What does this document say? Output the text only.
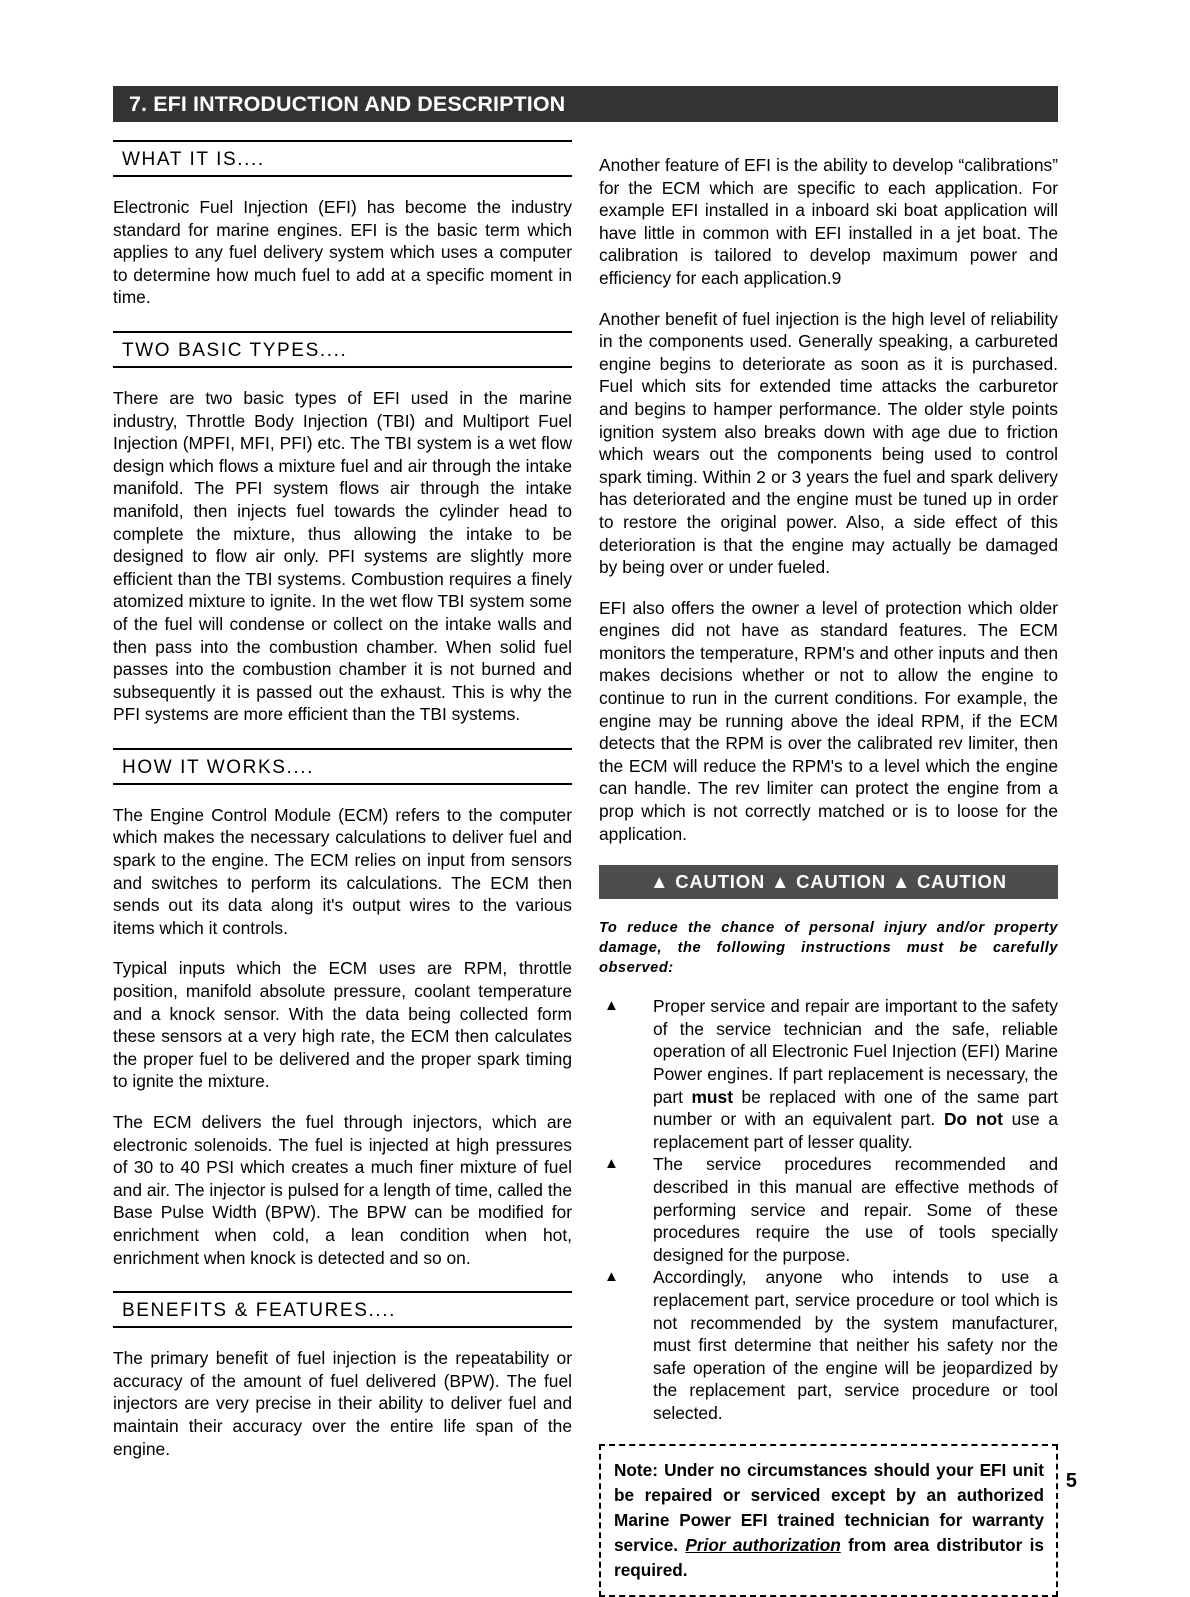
7. EFI INTRODUCTION AND DESCRIPTION
WHAT IT IS....

Electronic Fuel Injection (EFI) has become the industry standard for marine engines. EFI is the basic term which applies to any fuel delivery system which uses a computer to determine how much fuel to add at a specific moment in time.

TWO BASIC TYPES....

There are two basic types of EFI used in the marine industry, Throttle Body Injection (TBI) and Multiport Fuel Injection (MPFI, MFI, PFI) etc. The TBI system is a wet flow design which flows a mixture fuel and air through the intake manifold. The PFI system flows air through the intake manifold, then injects fuel towards the cylinder head to complete the mixture, thus allowing the intake to be designed to flow air only. PFI systems are slightly more efficient than the TBI systems. Combustion requires a finely atomized mixture to ignite. In the wet flow TBI system some of the fuel will condense or collect on the intake walls and then pass into the combustion chamber. When solid fuel passes into the combustion chamber it is not burned and subsequently it is passed out the exhaust. This is why the PFI systems are more efficient than the TBI systems.

HOW IT WORKS....

The Engine Control Module (ECM) refers to the computer which makes the necessary calculations to deliver fuel and spark to the engine. The ECM relies on input from sensors and switches to perform its calculations. The ECM then sends out its data along it's output wires to the various items which it controls.

Typical inputs which the ECM uses are RPM, throttle position, manifold absolute pressure, coolant temperature and a knock sensor. With the data being collected form these sensors at a very high rate, the ECM then calculates the proper fuel to be delivered and the proper spark timing to ignite the mixture.

The ECM delivers the fuel through injectors, which are electronic solenoids. The fuel is injected at high pressures of 30 to 40 PSI which creates a much finer mixture of fuel and air. The injector is pulsed for a length of time, called the Base Pulse Width (BPW). The BPW can be modified for enrichment when cold, a lean condition when hot, enrichment when knock is detected and so on.

BENEFITS & FEATURES....

The primary benefit of fuel injection is the repeatability or accuracy of the amount of fuel delivered (BPW). The fuel injectors are very precise in their ability to deliver fuel and maintain their accuracy over the entire life span of the engine.

Another feature of EFI is the ability to develop “calibrations” for the ECM which are specific to each application. For example EFI installed in a inboard ski boat application will have little in common with EFI installed in a jet boat. The calibration is tailored to develop maximum power and efficiency for each application.9

Another benefit of fuel injection is the high level of reliability in the components used. Generally speaking, a carbureted engine begins to deteriorate as soon as it is purchased. Fuel which sits for extended time attacks the carburetor and begins to hamper performance. The older style points ignition system also breaks down with age due to friction which wears out the components being used to control spark timing. Within 2 or 3 years the fuel and spark delivery has deteriorated and the engine must be tuned up in order to restore the original power. Also, a side effect of this deterioration is that the engine may actually be damaged by being over or under fueled.

EFI also offers the owner a level of protection which older engines did not have as standard features. The ECM monitors the temperature, RPM's and other inputs and then makes decisions whether or not to allow the engine to continue to run in the current conditions. For example, the engine may be running above the ideal RPM, if the ECM detects that the RPM is over the calibrated rev limiter, then the ECM will reduce the RPM's to a level which the engine can handle. The rev limiter can protect the engine from a prop which is not correctly matched or is to loose for the application.

▲ CAUTION ▲ CAUTION ▲ CAUTION
To reduce the chance of personal injury and/or property damage, the following instructions must be carefully observed:
▲	Proper service and repair are important to the safety of the service technician and the safe, reliable operation of all Electronic Fuel Injection (EFI) Marine Power engines. If part replacement is necessary, the part must be replaced with one of the same part number or with an equivalent part. Do not use a replacement part of lesser quality.
▲	The service procedures recommended and described in this manual are effective methods of performing service and repair. Some of these procedures require the use of tools specially designed for the purpose.
▲	Accordingly, anyone who intends to use a replacement part, service procedure or tool which is not recommended by the system manufacturer, must first determine that neither his safety nor the safe operation of the engine will be jeopardized by the replacement part, service procedure or tool selected.
Note: Under no circumstances should your EFI unit be repaired or serviced except by an authorized Marine Power EFI trained technician for warranty service. Prior authorization from area distributor is required.
5
